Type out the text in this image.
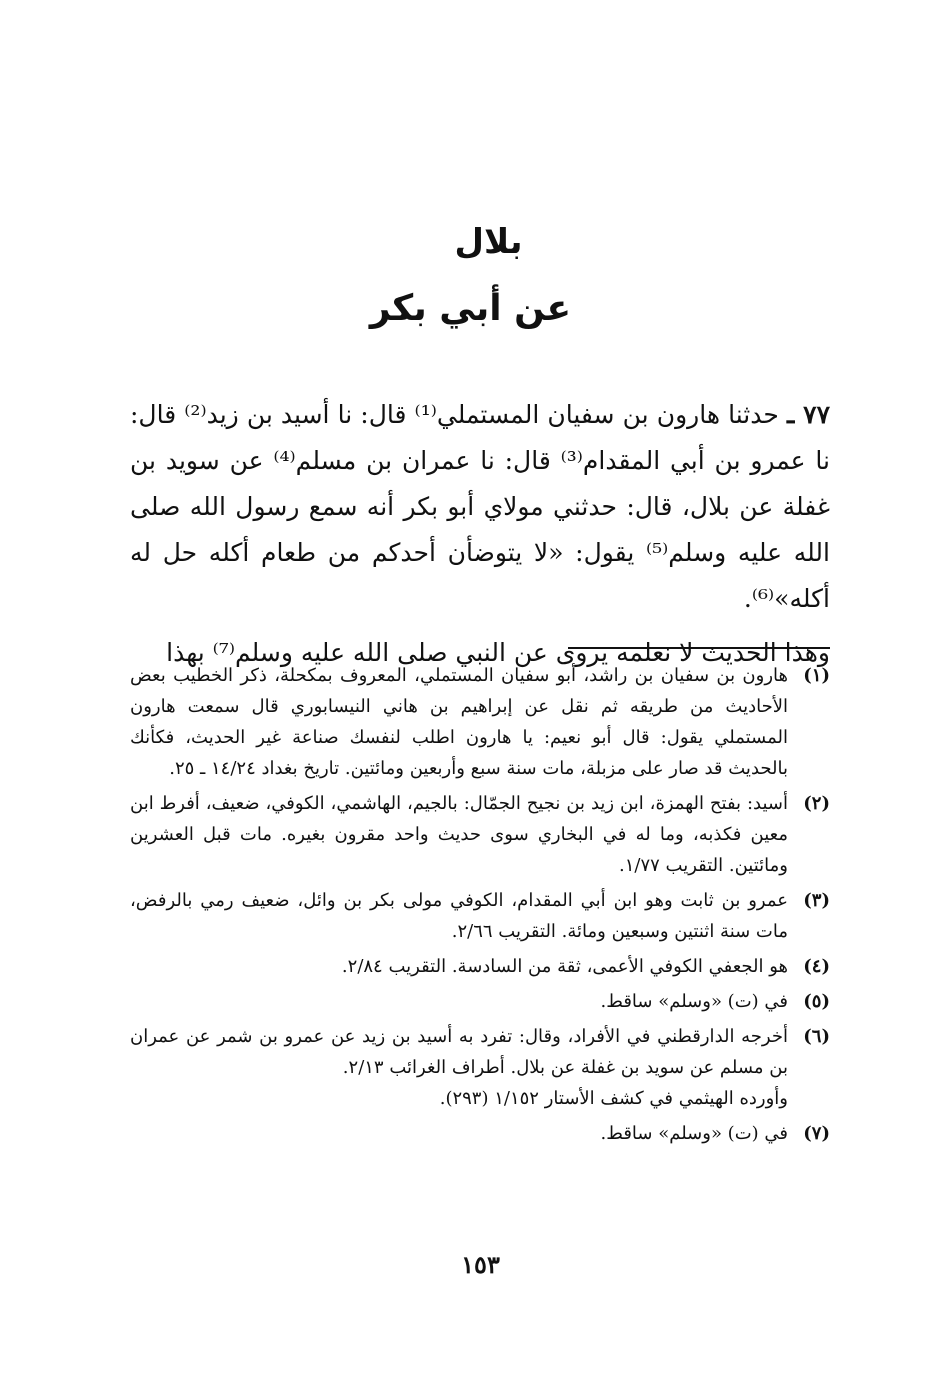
بلال
عن أبي بكر

٧٧ ـ حدثنا هارون بن سفيان المستملي⁽¹⁾ قال: نا أسيد بن زيد⁽²⁾ قال: نا عمرو بن أبي المقدام⁽³⁾ قال: نا عمران بن مسلم⁽⁴⁾ عن سويد بن غفلة عن بلال، قال: حدثني مولاي أبو بكر أنه سمع رسول الله صلى الله عليه وسلم⁽⁵⁾ يقول: «لا يتوضأن أحدكم من طعام أكله حل له أكله»⁽⁶⁾.

وهذا الحديث لا نعلمه يروى عن النبي صلى الله عليه وسلم⁽⁷⁾ بهذا

(١)
هارون بن سفيان بن راشد، أبو سفيان المستملي، المعروف بمكحلة، ذكر الخطيب بعض الأحاديث من طريقه ثم نقل عن إبراهيم بن هاني النيسابوري قال سمعت هارون المستملي يقول: قال أبو نعيم: يا هارون اطلب لنفسك صناعة غير الحديث، فكأنك بالحديث قد صار على مزبلة، مات سنة سبع وأربعين ومائتين. تاريخ بغداد ١٤/٢٤ ـ ٢٥.
(٢)
أسيد: بفتح الهمزة، ابن زيد بن نجيح الجمّال: بالجيم، الهاشمي، الكوفي، ضعيف، أفرط ابن معين فكذبه، وما له في البخاري سوى حديث واحد مقرون بغيره. مات قبل العشرين ومائتين. التقريب ١/٧٧.
(٣)
عمرو بن ثابت وهو ابن أبي المقدام، الكوفي مولى بكر بن وائل، ضعيف رمي بالرفض، مات سنة اثنتين وسبعين ومائة. التقريب ٢/٦٦.
(٤)
هو الجعفي الكوفي الأعمى، ثقة من السادسة. التقريب ٢/٨٤.
(٥)
في (ت) «وسلم» ساقط.
(٦)
أخرجه الدارقطني في الأفراد، وقال: تفرد به أسيد بن زيد عن عمرو بن شمر عن عمران بن مسلم عن سويد بن غفلة عن بلال. أطراف الغرائب ٢/١٣.
وأورده الهيثمي في كشف الأستار ١/١٥٢ (٢٩٣).
(٧)
في (ت) «وسلم» ساقط.
١٥٣
